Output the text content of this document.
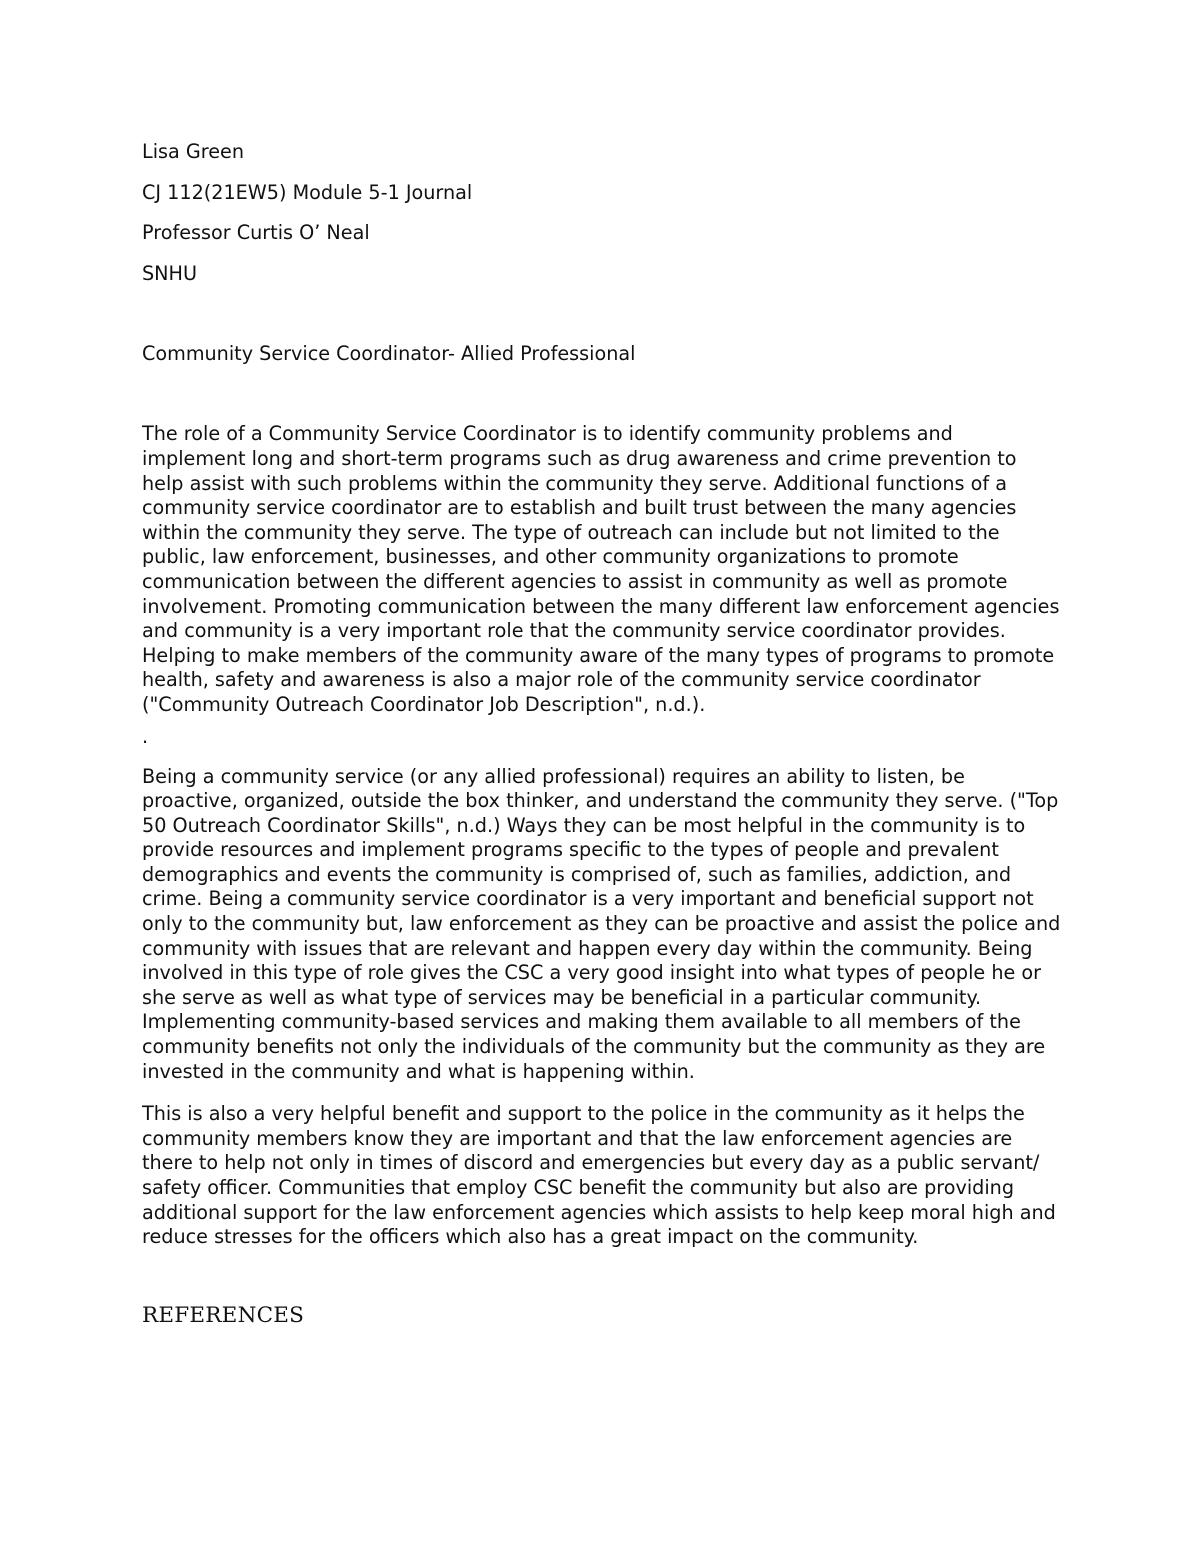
Lisa Green

CJ 112(21EW5) Module 5-1 Journal

Professor Curtis O’ Neal

SNHU

Community Service Coordinator- Allied Professional

The role of a Community Service Coordinator is to identify community problems and implement long and short-term programs such as drug awareness and crime prevention to help assist with such problems within the community they serve. Additional functions of a community service coordinator are to establish and built trust between the many agencies within the community they serve. The type of outreach can include but not limited to the public, law enforcement, businesses, and other community organizations to promote communication between the different agencies to assist in community as well as promote involvement. Promoting communication between the many different law enforcement agencies and community is a very important role that the community service coordinator provides. Helping to make members of the community aware of the many types of programs to promote health, safety and awareness is also a major role of the community service coordinator ("Community Outreach Coordinator Job Description", n.d.).

.

Being a community service (or any allied professional) requires an ability to listen, be proactive, organized, outside the box thinker, and understand the community they serve. ("Top 50 Outreach Coordinator Skills", n.d.) Ways they can be most helpful in the community is to provide resources and implement programs specific to the types of people and prevalent demographics and events the community is comprised of, such as families, addiction, and crime. Being a community service coordinator is a very important and beneficial support not only to the community but, law enforcement as they can be proactive and assist the police and community with issues that are relevant and happen every day within the community. Being involved in this type of role gives the CSC a very good insight into what types of people he or she serve as well as what type of services may be beneficial in a particular community. Implementing community-based services and making them available to all members of the community benefits not only the individuals of the community but the community as they are invested in the community and what is happening within.

This is also a very helpful benefit and support to the police in the community as it helps the community members know they are important and that the law enforcement agencies are there to help not only in times of discord and emergencies but every day as a public servant/ safety officer. Communities that employ CSC benefit the community but also are providing additional support for the law enforcement agencies which assists to help keep moral high and reduce stresses for the officers which also has a great impact on the community.

REFERENCES
